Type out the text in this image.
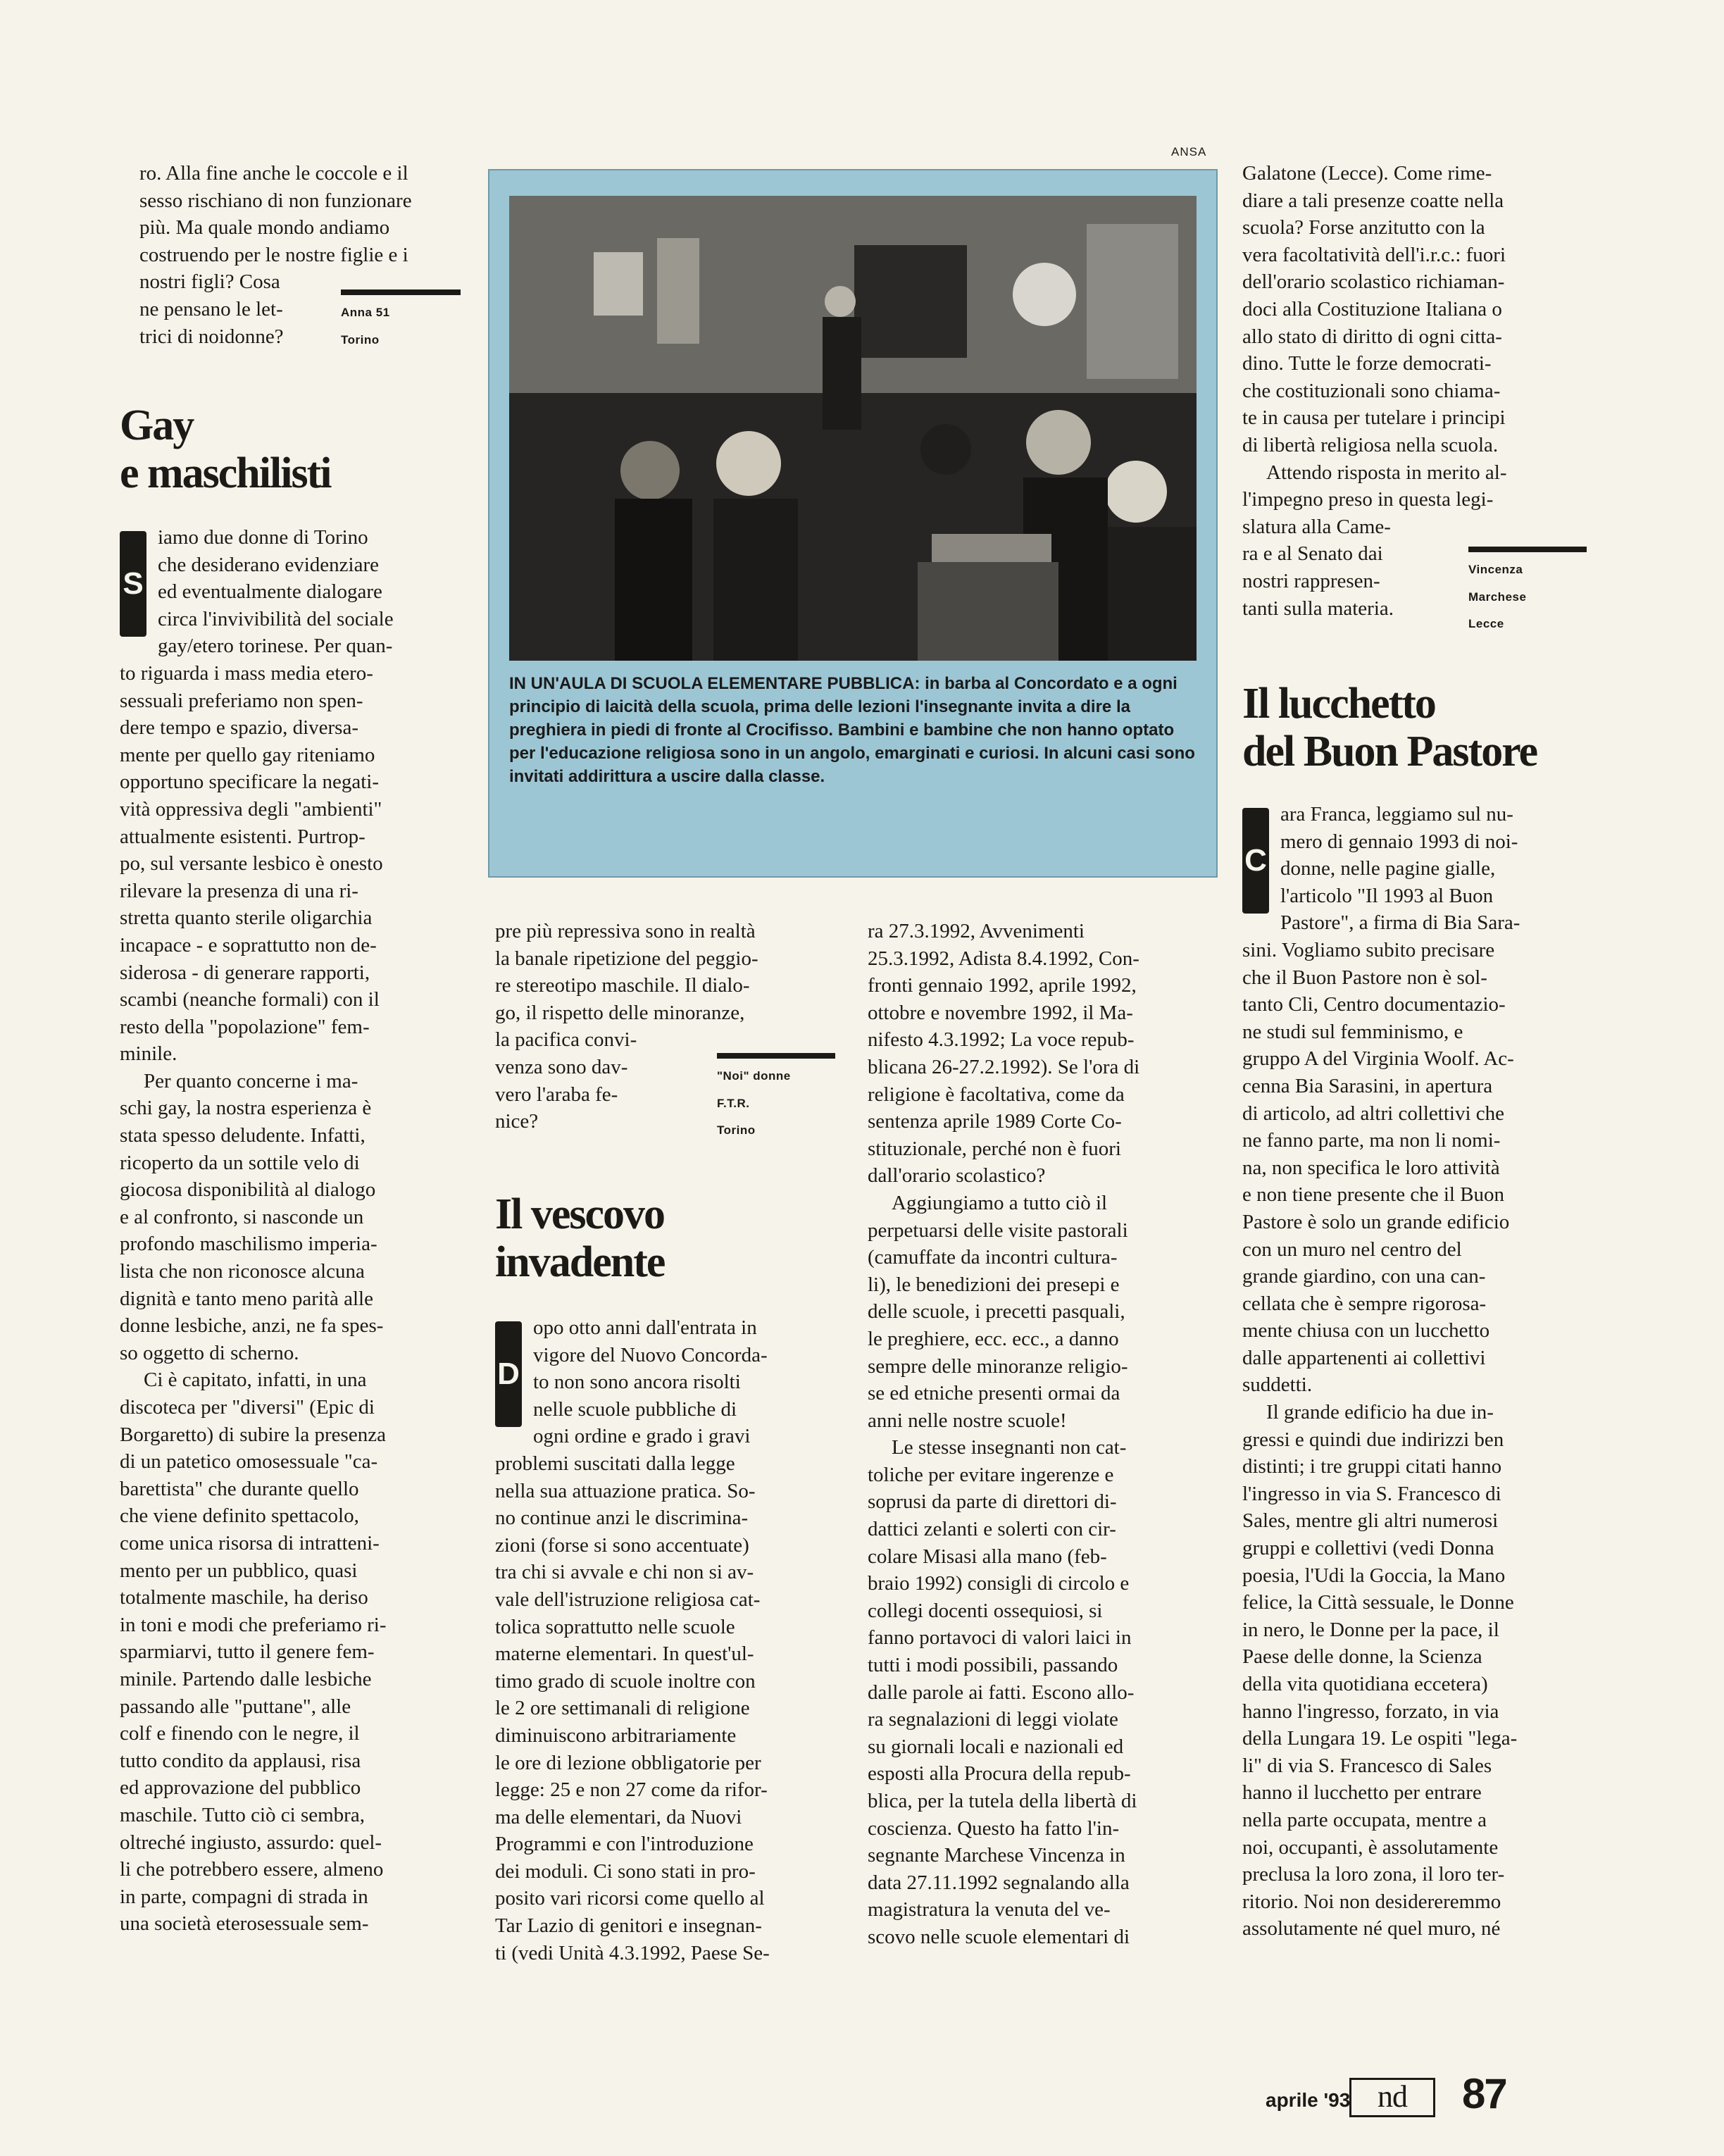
ro. Alla fine anche le coccole e il
sesso rischiano di non funzionare
più. Ma quale mondo andiamo
costruendo per le nostre figlie e i
nostri figli? Cosa
ne pensano le let-
trici di noidonne?
Anna 51
Torino
Gay
e maschilisti
S
iamo due donne di Torino
che desiderano evidenziare
ed eventualmente dialogare
circa l'invivibilità del sociale
gay/etero torinese. Per quan-
to riguarda i mass media etero-
sessuali preferiamo non spen-
dere tempo e spazio, diversa-
mente per quello gay riteniamo
opportuno specificare la negati-
vità oppressiva degli "ambienti"
attualmente esistenti. Purtrop-
po, sul versante lesbico è onesto
rilevare la presenza di una ri-
stretta quanto sterile oligarchia
incapace - e soprattutto non de-
siderosa - di generare rapporti,
scambi (neanche formali) con il
resto della "popolazione" fem-
minile.
Per quanto concerne i ma-
schi gay, la nostra esperienza è
stata spesso deludente. Infatti,
ricoperto da un sottile velo di
giocosa disponibilità al dialogo
e al confronto, si nasconde un
profondo maschilismo imperia-
lista che non riconosce alcuna
dignità e tanto meno parità alle
donne lesbiche, anzi, ne fa spes-
so oggetto di scherno.
Ci è capitato, infatti, in una
discoteca per "diversi" (Epic di
Borgaretto) di subire la presenza
di un patetico omosessuale "ca-
barettista" che durante quello
che viene definito spettacolo,
come unica risorsa di intratteni-
mento per un pubblico, quasi
totalmente maschile, ha deriso
in toni e modi che preferiamo ri-
sparmiarvi, tutto il genere fem-
minile. Partendo dalle lesbiche
passando alle "puttane", alle
colf e finendo con le negre, il
tutto condito da applausi, risa
ed approvazione del pubblico
maschile. Tutto ciò ci sembra,
oltreché ingiusto, assurdo: quel-
li che potrebbero essere, almeno
in parte, compagni di strada in
una società eterosessuale sem-
ANSA
IN UN'AULA DI SCUOLA ELEMENTARE PUBBLICA: in barba al Concordato e a ogni principio di laicità della scuola, prima delle lezioni l'insegnante invita a dire la preghiera in piedi di fronte al Crocifisso. Bambini e bambine che non hanno optato per l'educazione religiosa sono in un angolo, emarginati e curiosi. In alcuni casi sono invitati addirittura a uscire dalla classe.
pre più repressiva sono in realtà
la banale ripetizione del peggio-
re stereotipo maschile. Il dialo-
go, il rispetto delle minoranze,
la pacifica convi-
venza sono dav-
vero l'araba fe-
nice?
"Noi" donne
F.T.R.
Torino
Il vescovo
invadente
D
opo otto anni dall'entrata in
vigore del Nuovo Concorda-
to non sono ancora risolti
nelle scuole pubbliche di
ogni ordine e grado i gravi
problemi suscitati dalla legge
nella sua attuazione pratica. So-
no continue anzi le discrimina-
zioni (forse si sono accentuate)
tra chi si avvale e chi non si av-
vale dell'istruzione religiosa cat-
tolica soprattutto nelle scuole
materne elementari. In quest'ul-
timo grado di scuole inoltre con
le 2 ore settimanali di religione
diminuiscono arbitrariamente
le ore di lezione obbligatorie per
legge: 25 e non 27 come da rifor-
ma delle elementari, da Nuovi
Programmi e con l'introduzione
dei moduli. Ci sono stati in pro-
posito vari ricorsi come quello al
Tar Lazio di genitori e insegnan-
ti (vedi Unità 4.3.1992, Paese Se-
ra 27.3.1992, Avvenimenti
25.3.1992, Adista 8.4.1992, Con-
fronti gennaio 1992, aprile 1992,
ottobre e novembre 1992, il Ma-
nifesto 4.3.1992; La voce repub-
blicana 26-27.2.1992). Se l'ora di
religione è facoltativa, come da
sentenza aprile 1989 Corte Co-
stituzionale, perché non è fuori
dall'orario scolastico?
Aggiungiamo a tutto ciò il
perpetuarsi delle visite pastorali
(camuffate da incontri cultura-
li), le benedizioni dei presepi e
delle scuole, i precetti pasquali,
le preghiere, ecc. ecc., a danno
sempre delle minoranze religio-
se ed etniche presenti ormai da
anni nelle nostre scuole!
Le stesse insegnanti non cat-
toliche per evitare ingerenze e
soprusi da parte di direttori di-
dattici zelanti e solerti con cir-
colare Misasi alla mano (feb-
braio 1992) consigli di circolo e
collegi docenti ossequiosi, si
fanno portavoci di valori laici in
tutti i modi possibili, passando
dalle parole ai fatti. Escono allo-
ra segnalazioni di leggi violate
su giornali locali e nazionali ed
esposti alla Procura della repub-
blica, per la tutela della libertà di
coscienza. Questo ha fatto l'in-
segnante Marchese Vincenza in
data 27.11.1992 segnalando alla
magistratura la venuta del ve-
scovo nelle scuole elementari di
Galatone (Lecce). Come rime-
diare a tali presenze coatte nella
scuola? Forse anzitutto con la
vera facoltatività dell'i.r.c.: fuori
dell'orario scolastico richiaman-
doci alla Costituzione Italiana o
allo stato di diritto di ogni citta-
dino. Tutte le forze democrati-
che costituzionali sono chiama-
te in causa per tutelare i principi
di libertà religiosa nella scuola.
Attendo risposta in merito al-
l'impegno preso in questa legi-
slatura alla Came-
ra e al Senato dai
nostri rappresen-
tanti sulla materia.
Vincenza
Marchese
Lecce
Il lucchetto
del Buon Pastore
C
ara Franca, leggiamo sul nu-
mero di gennaio 1993 di noi-
donne, nelle pagine gialle,
l'articolo "Il 1993 al Buon
Pastore", a firma di Bia Sara-
sini. Vogliamo subito precisare
che il Buon Pastore non è sol-
tanto Cli, Centro documentazio-
ne studi sul femminismo, e
gruppo A del Virginia Woolf. Ac-
cenna Bia Sarasini, in apertura
di articolo, ad altri collettivi che
ne fanno parte, ma non li nomi-
na, non specifica le loro attività
e non tiene presente che il Buon
Pastore è solo un grande edificio
con un muro nel centro del
grande giardino, con una can-
cellata che è sempre rigorosa-
mente chiusa con un lucchetto
dalle appartenenti ai collettivi
suddetti.
Il grande edificio ha due in-
gressi e quindi due indirizzi ben
distinti; i tre gruppi citati hanno
l'ingresso in via S. Francesco di
Sales, mentre gli altri numerosi
gruppi e collettivi (vedi Donna
poesia, l'Udi la Goccia, la Mano
felice, la Città sessuale, le Donne
in nero, le Donne per la pace, il
Paese delle donne, la Scienza
della vita quotidiana eccetera)
hanno l'ingresso, forzato, in via
della Lungara 19. Le ospiti "lega-
li" di via S. Francesco di Sales
hanno il lucchetto per entrare
nella parte occupata, mentre a
noi, occupanti, è assolutamente
preclusa la loro zona, il loro ter-
ritorio. Noi non desidereremmo
assolutamente né quel muro, né
aprile '93 nd	87
